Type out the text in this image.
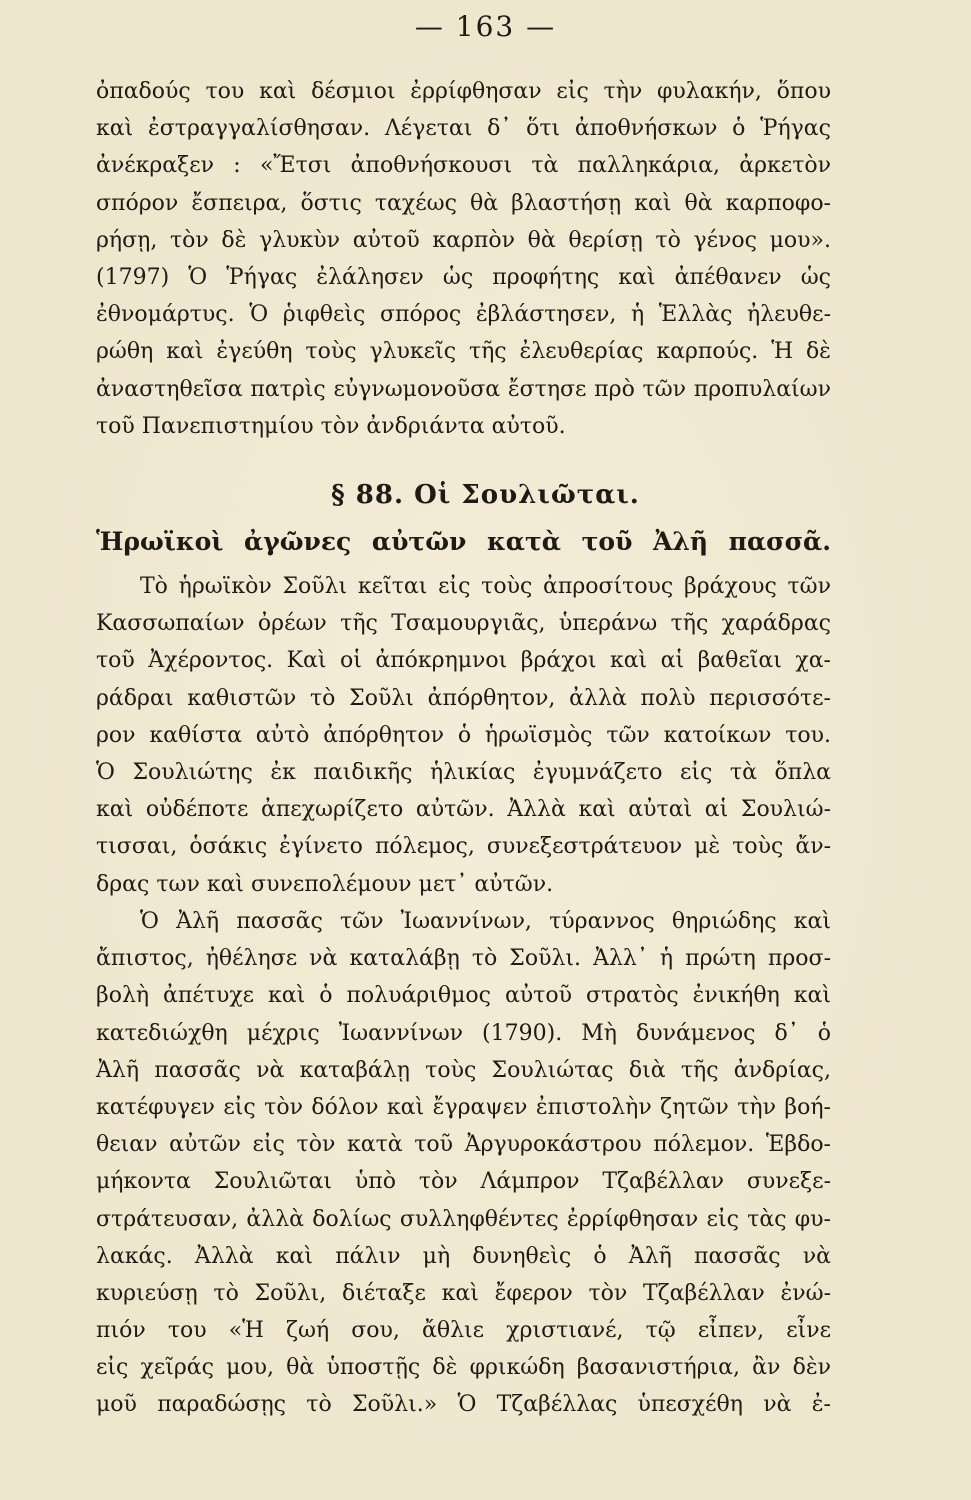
— 163 —
ὀπαδούς του καὶ δέσμιοι ἐρρίφθησαν εἰς τὴν φυλακήν, ὅπου
καὶ ἐστραγγαλίσθησαν. Λέγεται δ᾽ ὅτι ἀποθνήσκων ὁ Ῥήγας
ἀνέκραξεν : «Ἔτσι ἀποθνήσκουσι τὰ παλληκάρια, ἀρκετὸν
σπόρον ἔσπειρα, ὅστις ταχέως θὰ βλαστήσῃ καὶ θὰ καρποφο-
ρήσῃ, τὸν δὲ γλυκὺν αὐτοῦ καρπὸν θὰ θερίσῃ τὸ γένος μου».
(1797) Ὁ Ῥήγας ἐλάλησεν ὡς προφήτης καὶ ἀπέθανεν ὡς
ἐθνομάρτυς. Ὁ ῥιφθεὶς σπόρος ἐβλάστησεν, ἡ Ἑλλὰς ἠλευθε-
ρώθη καὶ ἐγεύθη τοὺς γλυκεῖς τῆς ἐλευθερίας καρπούς. Ἡ δὲ
ἀναστηθεῖσα πατρὶς εὐγνωμονοῦσα ἔστησε πρὸ τῶν προπυλαίων
τοῦ Πανεπιστημίου τὸν ἀνδριάντα αὐτοῦ.
§ 88. Οἱ Σουλιῶται.
Ἡρωϊκοὶ ἀγῶνες αὐτῶν κατὰ τοῦ Ἀλῆ πασσᾶ.
Τὸ ἡρωϊκὸν Σοῦλι κεῖται εἰς τοὺς ἀπροσίτους βράχους τῶν
Κασσωπαίων ὀρέων τῆς Τσαμουργιᾶς, ὑπεράνω τῆς χαράδρας
τοῦ Ἀχέροντος. Καὶ οἱ ἀπόκρημνοι βράχοι καὶ αἱ βαθεῖαι χα-
ράδραι καθιστῶν τὸ Σοῦλι ἀπόρθητον, ἀλλὰ πολὺ περισσότε-
ρον καθίστα αὐτὸ ἀπόρθητον ὁ ἡρωϊσμὸς τῶν κατοίκων του.
Ὁ Σουλιώτης ἐκ παιδικῆς ἡλικίας ἐγυμνάζετο εἰς τὰ ὅπλα
καὶ οὐδέποτε ἀπεχωρίζετο αὐτῶν. Ἀλλὰ καὶ αὐταὶ αἱ Σουλιώ-
τισσαι, ὁσάκις ἐγίνετο πόλεμος, συνεξεστράτευον μὲ τοὺς ἄν-
δρας των καὶ συνεπολέμουν μετ᾽ αὐτῶν.
Ὁ Ἀλῆ πασσᾶς τῶν Ἰωαννίνων, τύραννος θηριώδης καὶ
ἄπιστος, ἠθέλησε νὰ καταλάβῃ τὸ Σοῦλι. Ἀλλ᾽ ἡ πρώτη προσ-
βολὴ ἀπέτυχε καὶ ὁ πολυάριθμος αὐτοῦ στρατὸς ἐνικήθη καὶ
κατεδιώχθη μέχρις Ἰωαννίνων (1790). Μὴ δυνάμενος δ᾽ ὁ
Ἀλῆ πασσᾶς νὰ καταβάλῃ τοὺς Σουλιώτας διὰ τῆς ἀνδρίας,
κατέφυγεν εἰς τὸν δόλον καὶ ἔγραψεν ἐπιστολὴν ζητῶν τὴν βοή-
θειαν αὐτῶν εἰς τὸν κατὰ τοῦ Ἀργυροκάστρου πόλεμον. Ἑβδο-
μήκοντα Σουλιῶται ὑπὸ τὸν Λάμπρον Τζαβέλλαν συνεξε-
στράτευσαν, ἀλλὰ δολίως συλληφθέντες ἐρρίφθησαν εἰς τὰς φυ-
λακάς. Ἀλλὰ καὶ πάλιν μὴ δυνηθεὶς ὁ Ἀλῆ πασσᾶς νὰ
κυριεύσῃ τὸ Σοῦλι, διέταξε καὶ ἔφερον τὸν Τζαβέλλαν ἐνώ-
πιόν του «Ἡ ζωή σου, ἄθλιε χριστιανέ, τῷ εἶπεν, εἶνε
εἰς χεῖράς μου, θὰ ὑποστῇς δὲ φρικώδη βασανιστήρια, ἂν δὲν
μοῦ παραδώσῃς τὸ Σοῦλι.» Ὁ Τζαβέλλας ὑπεσχέθη νὰ ἐ-
